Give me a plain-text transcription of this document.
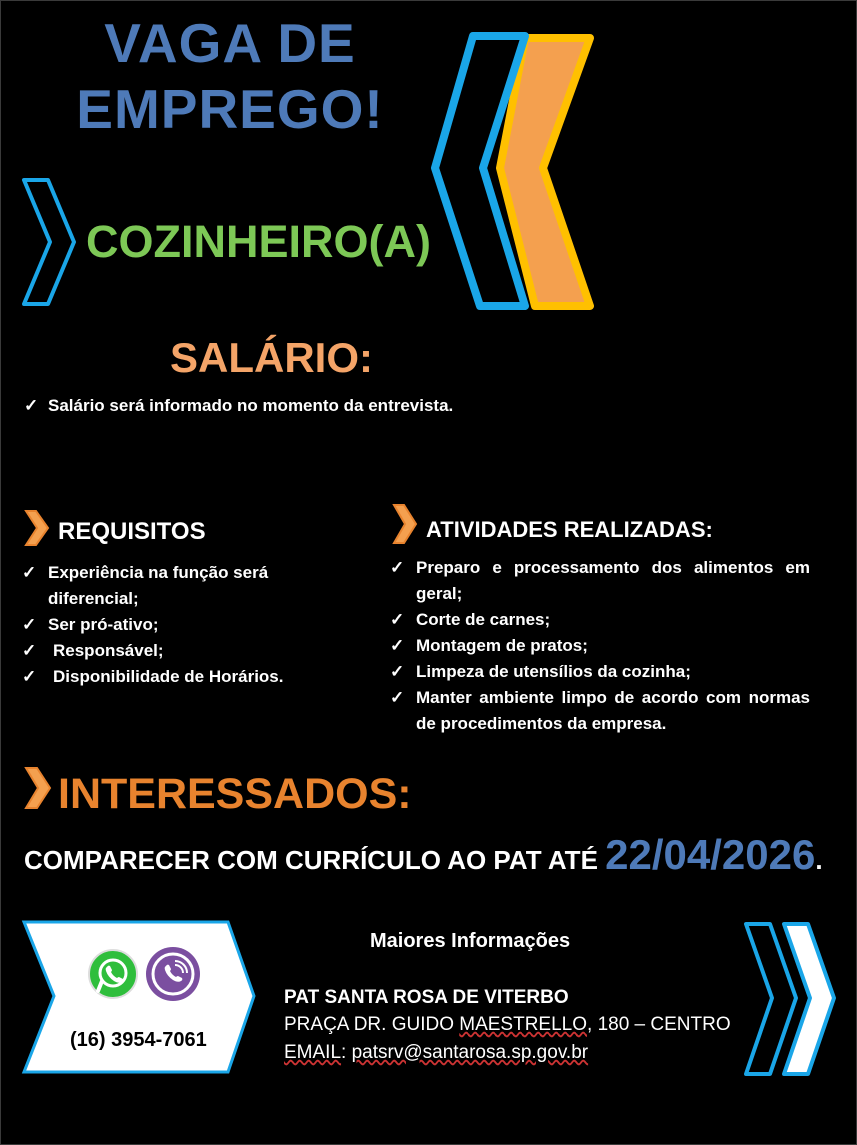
VAGA DE
EMPREGO!
COZINHEIRO(A)
SALÁRIO:
✓ Salário será informado no momento da entrevista.
REQUISITOS
✓ Experiência na função será diferencial;
✓ Ser pró-ativo;
✓ Responsável;
✓ Disponibilidade de Horários.
ATIVIDADES REALIZADAS:
✓ Preparo e processamento dos alimentos em geral;
✓ Corte de carnes;
✓ Montagem de pratos;
✓ Limpeza de utensílios da cozinha;
✓ Manter ambiente limpo de acordo com normas de procedimentos da empresa.
INTERESSADOS:
COMPARECER COM CURRÍCULO AO PAT ATÉ 22/04/2026.
(16) 3954-7061
Maiores Informações
PAT SANTA ROSA DE VITERBO
PRAÇA DR. GUIDO MAESTRELLO, 180 – CENTRO
EMAIL: patsrv@santarosa.sp.gov.br
